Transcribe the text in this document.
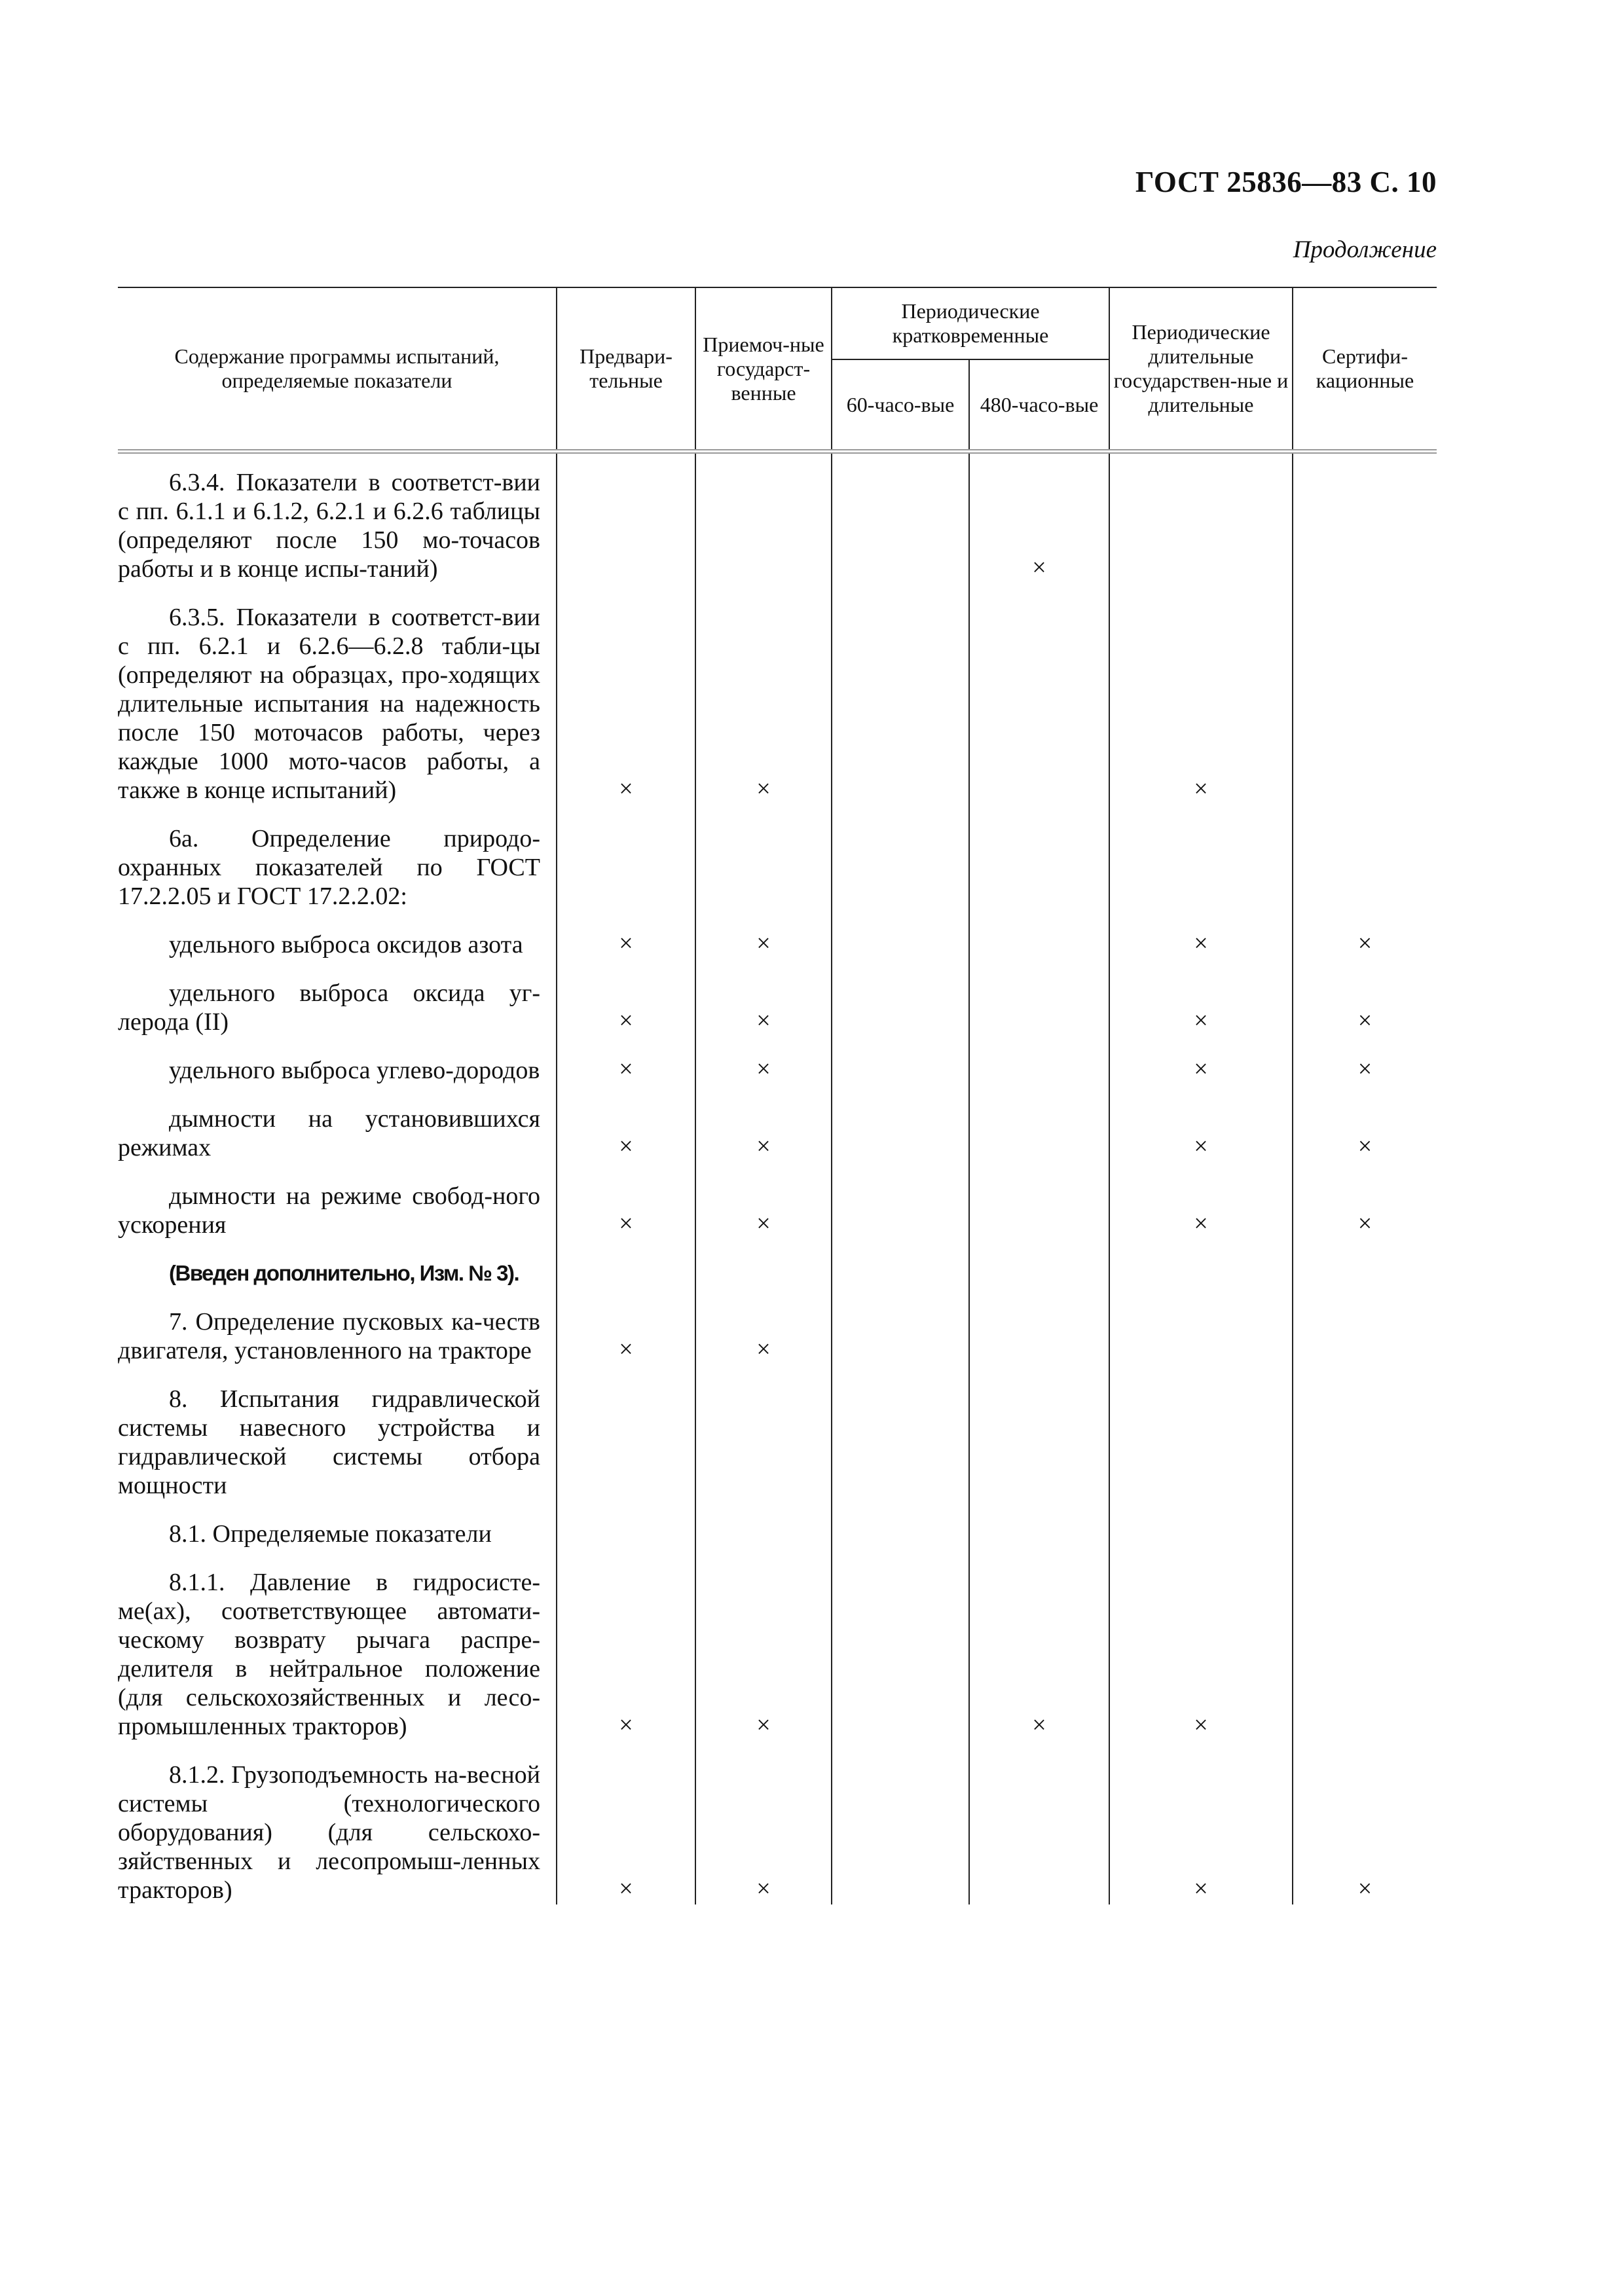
ГОСТ 25836—83 С. 10
Продолжение
Содержание программы испытаний, определяемые показатели	Предвари-тельные	Приемоч-ные государст-венные	Периодические кратковременные		Периодические длительные государствен-ные и длительные	Сертифи-кационные
			60-часо-вые	480-часо-вые		

6.3.4. Показатели в соответст-вии с пп. 6.1.1 и 6.1.2, 6.2.1 и 6.2.6 таблицы (определяют после 150 мо-точасов работы и в конце испы-таний)				×		

6.3.5. Показатели в соответст-вии с пп. 6.2.1 и 6.2.6—6.2.8 табли-цы (определяют на образцах, про-ходящих длительные испытания на надежность после 150 моточасов работы, через каждые 1000 мото-часов работы, а также в конце испытаний)	×	×			×	

6а. Определение природо-охранных показателей по ГОСТ 17.2.2.05 и ГОСТ 17.2.2.02:						

удельного выброса оксидов азота	×	×			×	×

удельного выброса оксида уг-лерода (II)	×	×			×	×

удельного выброса углево-дородов	×	×			×	×

дымности на установившихся режимах	×	×			×	×

дымности на режиме свобод-ного ускорения	×	×			×	×

(Введен дополнительно, Изм. № 3).						

7. Определение пусковых ка-честв двигателя, установленного на тракторе	×	×				

8. Испытания гидравлической системы навесного устройства и гидравлической системы отбора мощности						

8.1. Определяемые показатели						

8.1.1. Давление в гидросисте-ме(ах), соответствующее автомати-ческому возврату рычага распре-делителя в нейтральное положение (для сельскохозяйственных и лесо-промышленных тракторов)	×	×		×	×	

8.1.2. Грузоподъемность на-весной системы (технологического оборудования) (для сельскохо-зяйственных и лесопромыш-ленных тракторов)	×	×			×	×
